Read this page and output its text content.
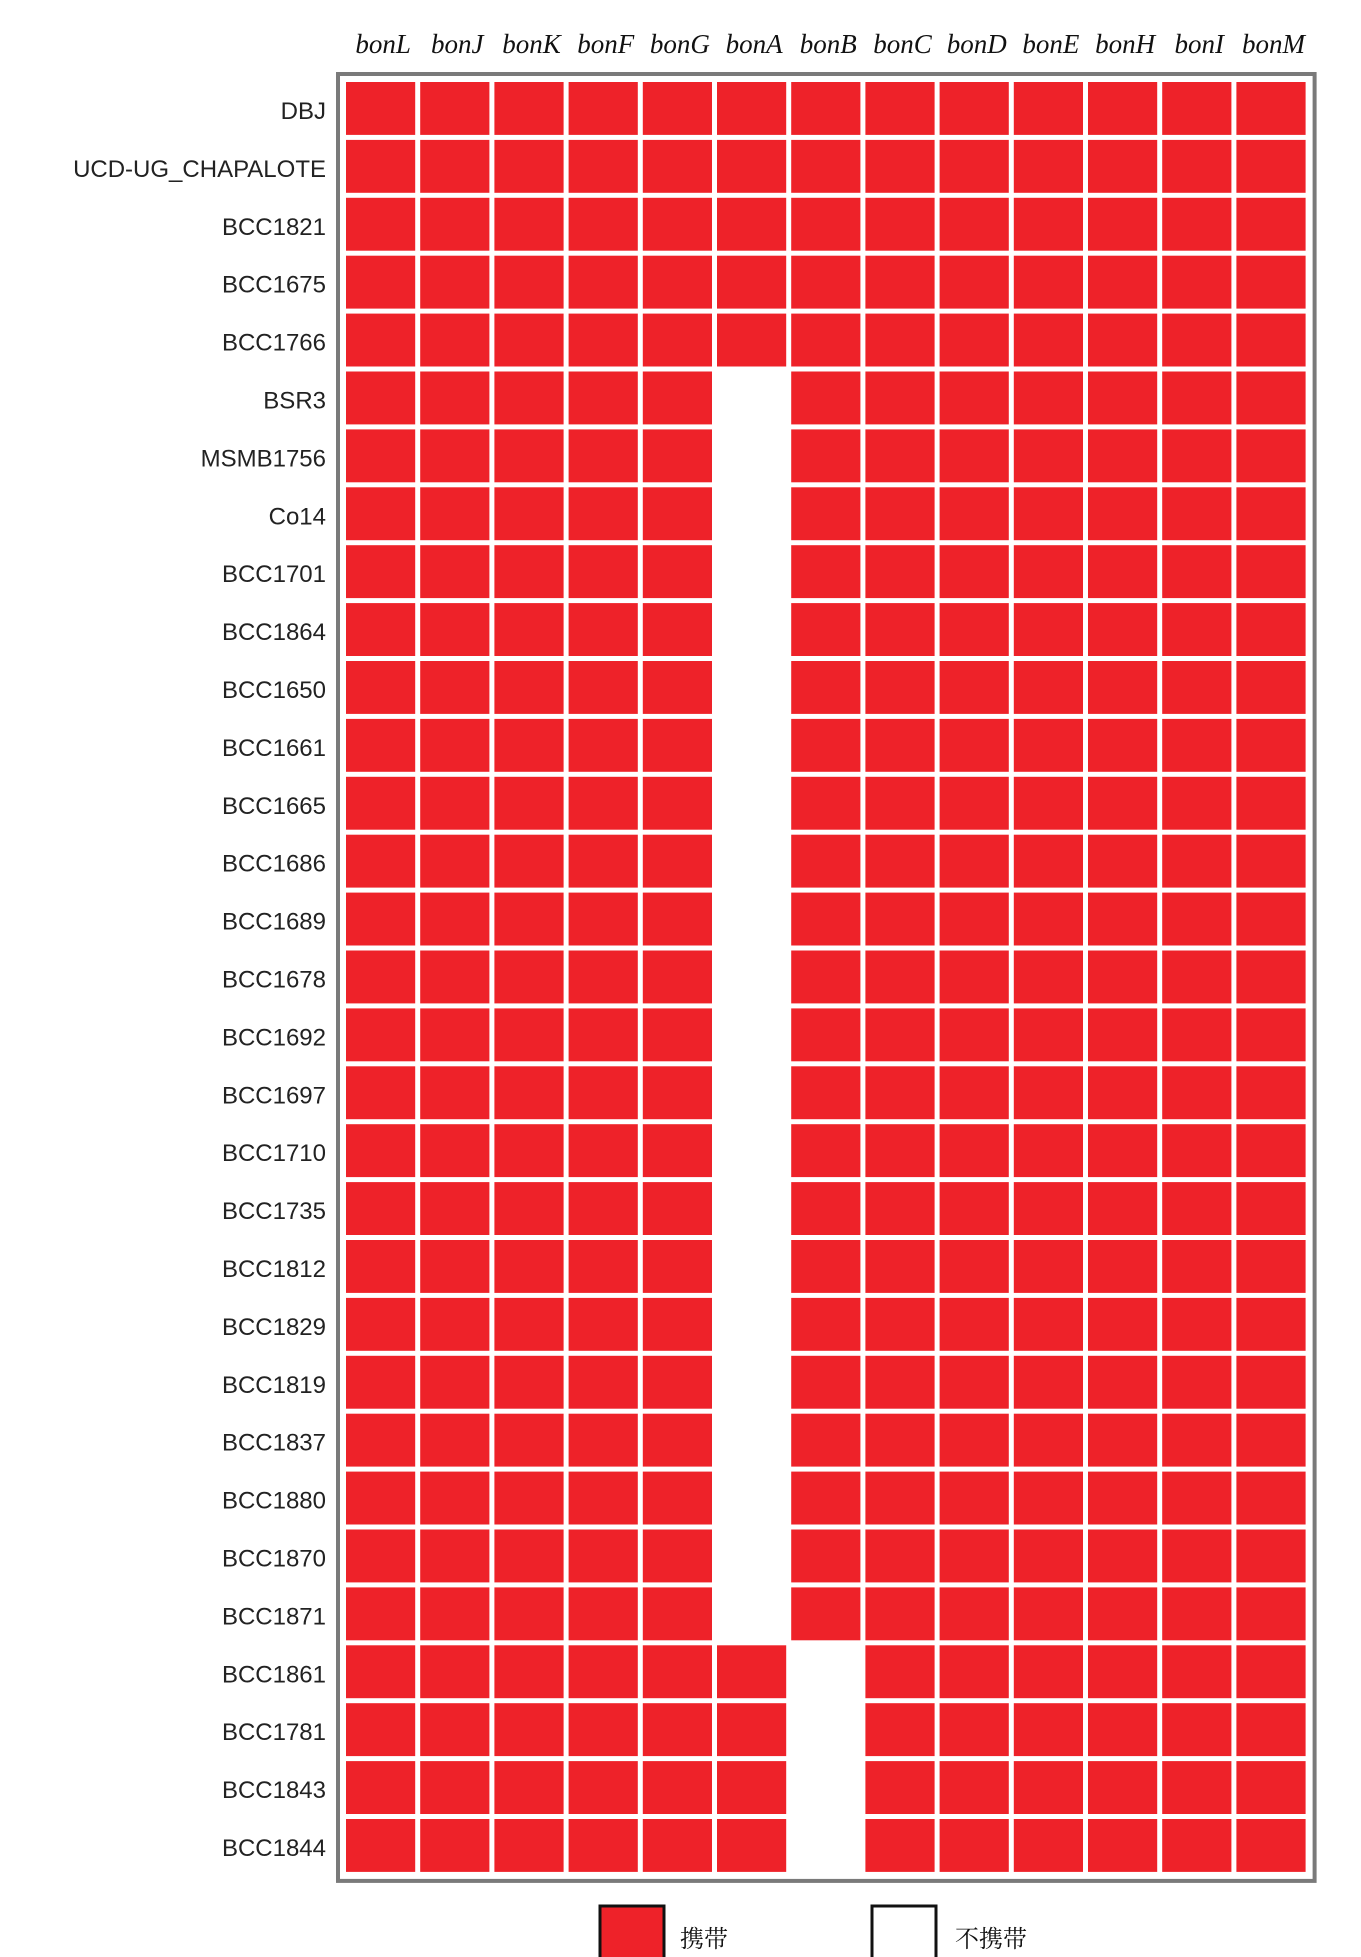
bonL bonJ bonK bonF bonG bonA bonB bonC bonD bonE bonH bonI bonM
DBJ
UCD-UG_CHAPALOTE
BCC1821
BCC1675
BCC1766
BSR3
MSMB1756
Co14
BCC1701
BCC1864
BCC1650
BCC1661
BCC1665
BCC1686
BCC1689
BCC1678
BCC1692
BCC1697
BCC1710
BCC1735
BCC1812
BCC1829
BCC1819
BCC1837
BCC1880
BCC1870
BCC1871
BCC1861
BCC1781
BCC1843
BCC1844
携带	不携带
